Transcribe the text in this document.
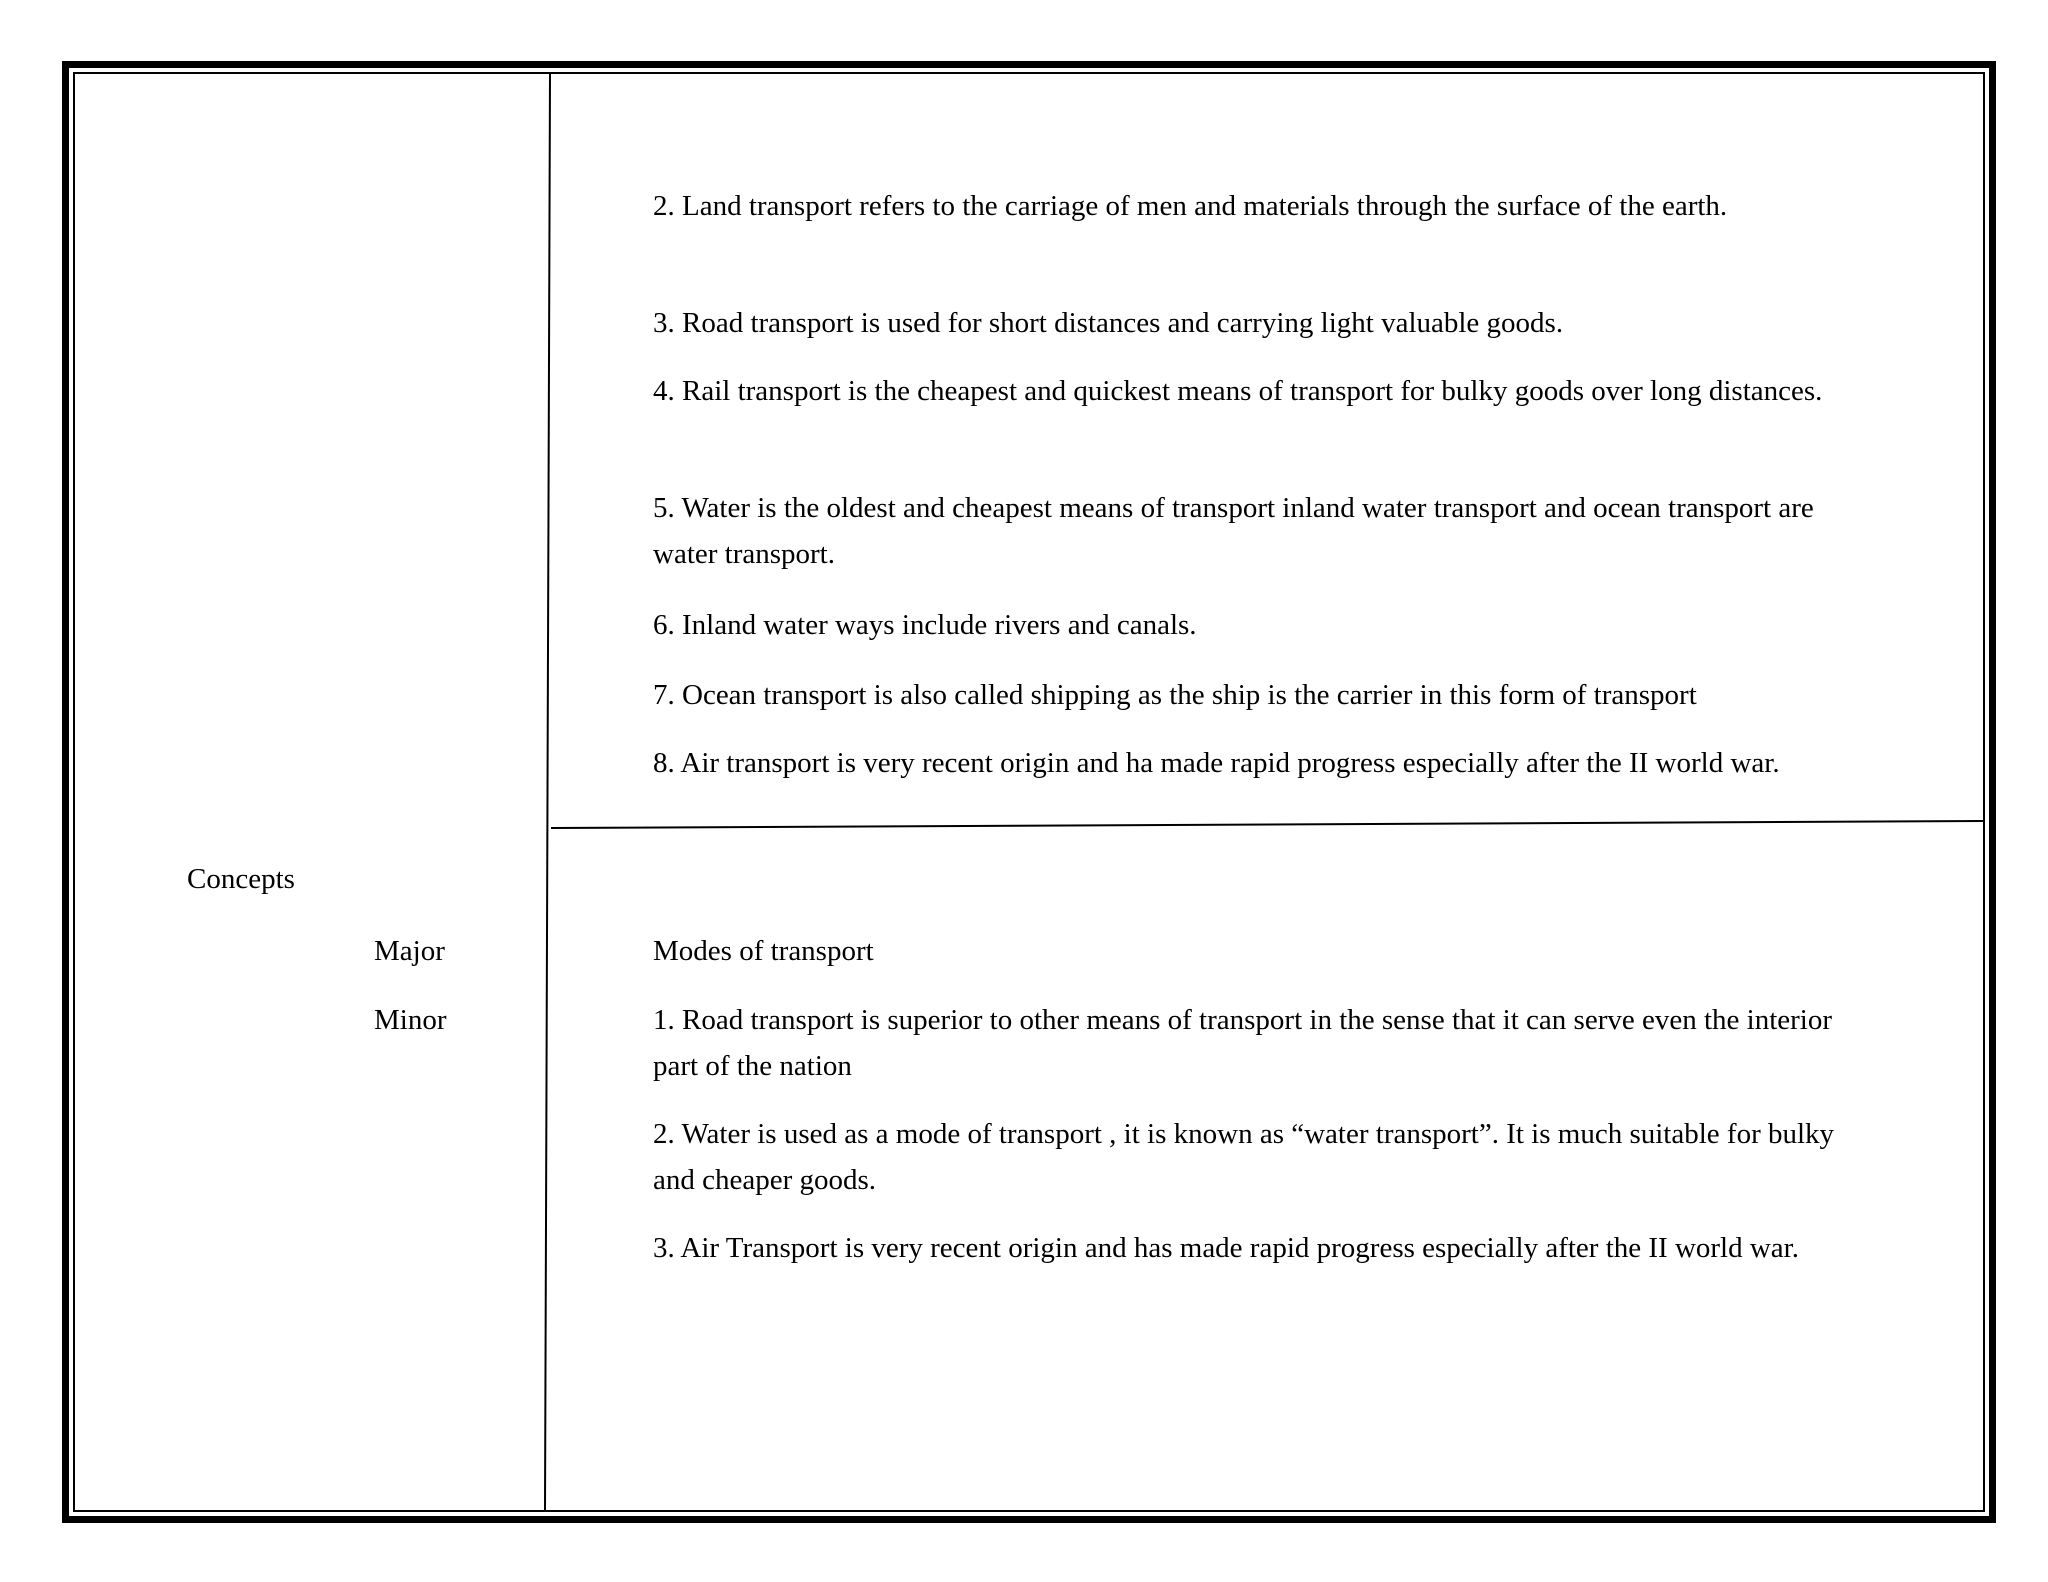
Concepts
Major
Minor
2. Land transport refers to the carriage of men and materials through the surface of the earth.
3. Road transport is used for short distances and carrying light valuable goods.
4. Rail transport is the cheapest and quickest means of transport for bulky goods over long distances.
5. Water is the oldest and cheapest means of transport inland water transport and ocean transport are water transport.
6. Inland water ways include rivers and canals.
7. Ocean transport is also called shipping as the ship is the carrier in this form of transport
8. Air transport is very recent origin and ha made rapid progress especially after the II world war.
Modes of transport
1. Road transport is superior to other means of transport in the sense that it can serve even the interior part of the nation
2. Water is used as a mode of transport , it is known as “water transport”. It is much suitable for bulky and cheaper goods.
3. Air Transport is very recent origin and has made rapid progress especially after the II world war.
